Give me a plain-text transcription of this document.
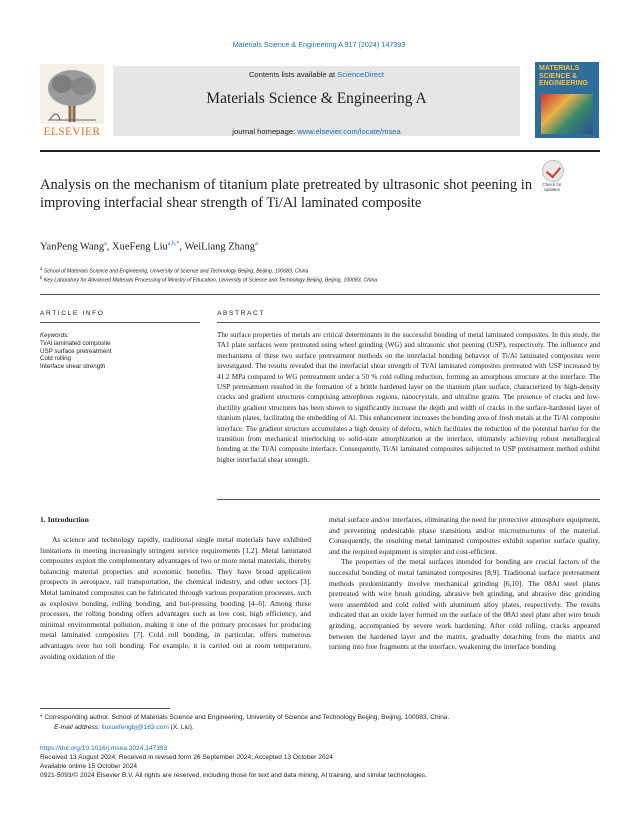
Materials Science & Engineering A 917 (2024) 147393
ELSEVIER
Contents lists available at ScienceDirect
Materials Science & Engineering A
journal homepage: www.elsevier.com/locate/msea
MATERIALS SCIENCE & ENGINEERING
Analysis on the mechanism of titanium plate pretreated by ultrasonic shot peening in improving interfacial shear strength of Ti/Al laminated composite
Check for updates
YanPeng Wang$^a$, XueFeng Liu$^{a,b,*}$, WeiLiang Zhang$^a$
$^a$ School of Materials Science and Engineering, University of Science and Technology Beijing, Beijing, 100083, China
$^b$ Key Laboratory for Advanced Materials Processing of Ministry of Education, University of Science and Technology Beijing, Beijing, 100083, China
ARTICLE INFO	ABSTRACT
Keywords:
Ti/Al laminated composite
USP surface pretreatment
Cold rolling
Interface shear strength
The surface properties of metals are critical determinants in the successful bonding of metal laminated composites. In this study, the TA1 plate surfaces were pretreated using wheel grinding (WG) and ultrasonic shot peening (USP), respectively. The influence and mechanisms of these two surface pretreatment methods on the interfacial bonding behavior of Ti/Al laminated composites were investigated. The results revealed that the interfacial shear strength of Ti/Al laminated composites pretreated with USP increased by 41.2 MPa compared to WG pretreatment under a 50 % cold rolling reduction, forming an amorphous structure at the interface. The USP pretreatment resulted in the formation of a brittle hardened layer on the titanium plate surface, characterized by high-density cracks and gradient structures comprising amorphous regions, nanocrystals, and ultrafine grains. The presence of cracks and low-ductility gradient structures has been shown to significantly increase the depth and width of cracks in the surface-hardened layer of titanium plates, facilitating the embedding of Al. This enhancement increases the bonding area of fresh metals at the Ti/Al composite interface. The gradient structure accumulates a high density of defects, which facilitates the reduction of the potential barrier for the transition from mechanical interlocking to solid-state amorphization at the interface, ultimately achieving robust metallurgical bonding at the Ti/Al composite interface. Consequently, Ti/Al laminated composites subjected to USP pretreatment method exhibit higher interfacial shear strength.
1. Introduction

As science and technology rapidly, traditional single metal materials have exhibited limitations in meeting increasingly stringent service requirements [1,2]. Metal laminated composites exploit the complementary advantages of two or more metal materials, thereby balancing material properties and economic benefits. They have broad application prospects in aerospace, rail transportation, the chemical industry, and other sectors [3]. Metal laminated composites can be fabricated through various preparation processes, such as explosive bonding, rolling bonding, and hot-pressing bonding [4–6]. Among these processes, the rolling bonding offers advantages such as low cost, high efficiency, and minimal environmental pollution, making it one of the primary processes for producing metal laminated composites [7]. Cold roll bonding, in particular, offers numerous advantages over hot roll bonding. For example, it is carried out at room temperature, avoiding oxidation of the

metal surface and/or interfaces, eliminating the need for protective atmosphere equipment, and preventing undesirable phase transitions and/or microstructures of the material. Consequently, the resulting metal laminated composites exhibit superior surface quality, and the required equipment is simpler and cost-efficient.

The properties of the metal surfaces intended for bonding are crucial factors of the successful bonding of metal laminated composites [8,9]. Traditional surface pretreatment methods predominantly involve mechanical grinding [6,10]. The 08Al steel plates pretreated with wire brush grinding, abrasive belt grinding, and abrasive disc grinding were assembled and cold rolled with aluminum alloy plates, respectively. The results indicated that an oxide layer formed on the surface of the 08Al steel plate after wire brush grinding, accompanied by severe work hardening. After cold rolling, cracks appeared between the hardened layer and the matrix, gradually detaching from the matrix and turning into free fragments at the interface, weakening the interface bonding

* Corresponding author. School of Materials Science and Engineering, University of Science and Technology Beijing, Beijing, 100083, China.
E-mail address: liuxuefengbj@163.com (X. Liu).
https://doi.org/10.1016/j.msea.2024.147393
Received 13 August 2024; Received in revised form 26 September 2024; Accepted 13 October 2024
Available online 15 October 2024
0921-5093/© 2024 Elsevier B.V. All rights are reserved, including those for text and data mining, AI training, and similar technologies.
